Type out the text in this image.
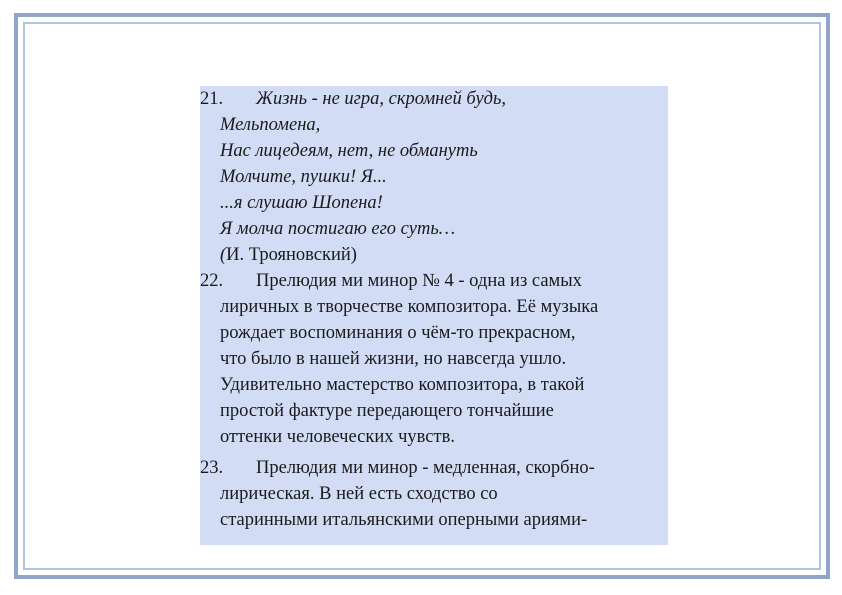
21.	Жизнь - не игра, скромней будь,
Мельпомена,
Нас лицедеям, нет, не обмануть
Молчите, пушки! Я...
...я слушаю Шопена!
Я молча постигаю его суть…
(И. Трояновский)
22.	Прелюдия ми минор № 4 - одна из самых
лиричных в творчестве композитора. Её музыка
рождает воспоминания о чём-то прекрасном,
что было в нашей жизни, но навсегда ушло.
Удивительно мастерство композитора, в такой
простой фактуре передающего тончайшие
оттенки человеческих чувств.
23.	Прелюдия ми минор - медленная, скорбно-
лирическая. В ней есть сходство со
старинными итальянскими оперными ариями-
